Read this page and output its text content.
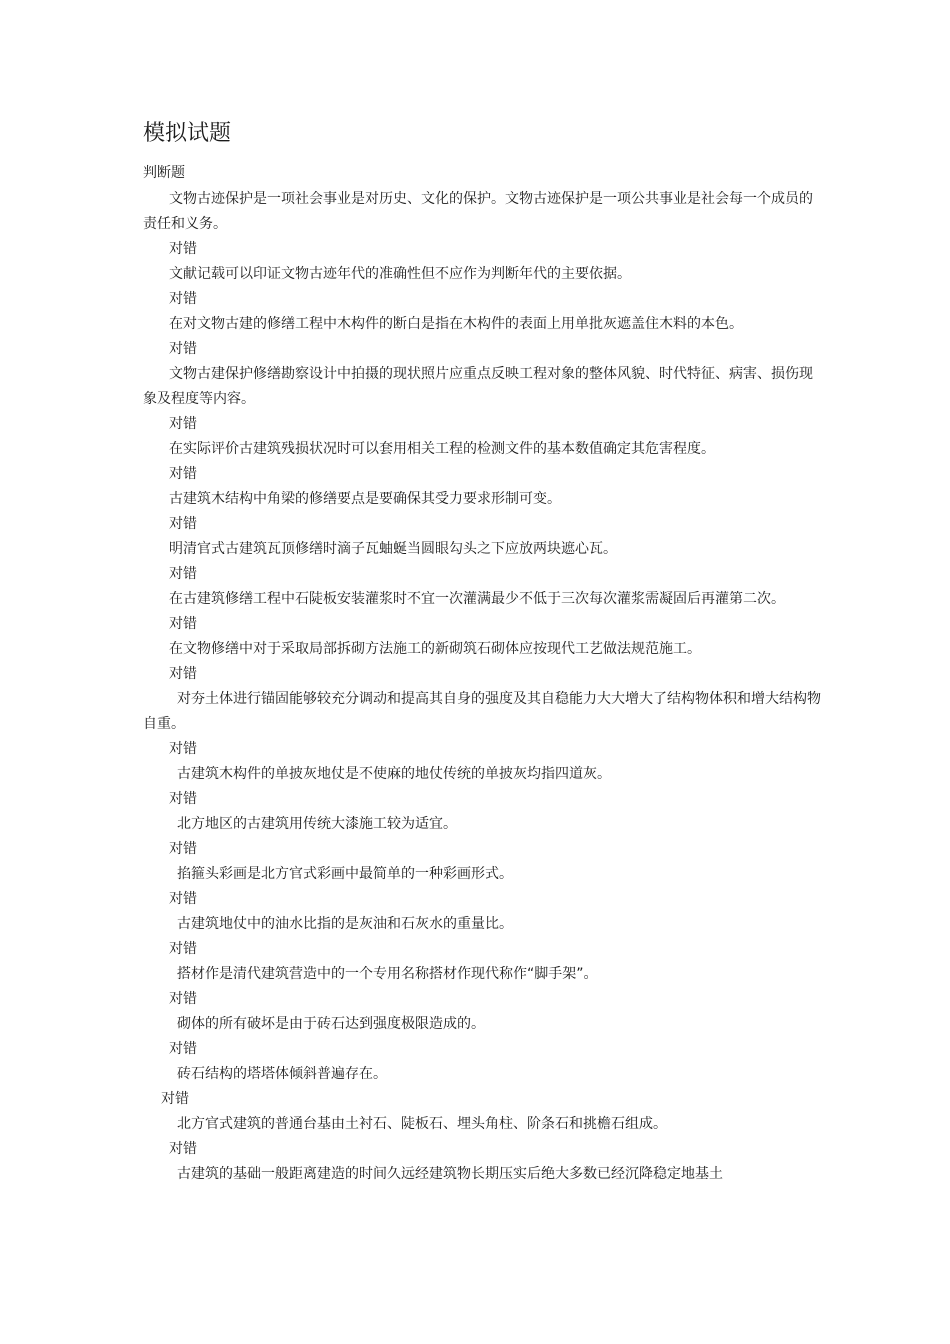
模拟试题
判断题

文物古迹保护是一项社会事业是对历史、文化的保护。文物古迹保护是一项公共事业是社会每一个成员的责任和义务。

对错

文献记载可以印证文物古迹年代的准确性但不应作为判断年代的主要依据。

对错

在对文物古建的修缮工程中木构件的断白是指在木构件的表面上用单批灰遮盖住木料的本色。

对错

文物古建保护修缮勘察设计中拍摄的现状照片应重点反映工程对象的整体风貌、时代特征、病害、损伤现象及程度等内容。

对错

在实际评价古建筑残损状况时可以套用相关工程的检测文件的基本数值确定其危害程度。

对错

古建筑木结构中角梁的修缮要点是要确保其受力要求形制可变。

对错

明清官式古建筑瓦顶修缮时滴子瓦蚰蜒当圆眼勾头之下应放两块遮心瓦。

对错

在古建筑修缮工程中石陡板安装灌浆时不宜一次灌满最少不低于三次每次灌浆需凝固后再灌第二次。

对错

在文物修缮中对于采取局部拆砌方法施工的新砌筑石砌体应按现代工艺做法规范施工。

对错

对夯土体进行锚固能够较充分调动和提高其自身的强度及其自稳能力大大增大了结构物体积和增大结构物自重。

对错

古建筑木构件的单披灰地仗是不使麻的地仗传统的单披灰均指四道灰。

对错

北方地区的古建筑用传统大漆施工较为适宜。

对错

掐箍头彩画是北方官式彩画中最简单的一种彩画形式。

对错

古建筑地仗中的油水比指的是灰油和石灰水的重量比。

对错

搭材作是清代建筑营造中的一个专用名称搭材作现代称作“脚手架”。

对错

砌体的所有破坏是由于砖石达到强度极限造成的。

对错

砖石结构的塔塔体倾斜普遍存在。

对错

北方官式建筑的普通台基由土衬石、陡板石、埋头角柱、阶条石和挑檐石组成。

对错

古建筑的基础一般距离建造的时间久远经建筑物长期压实后绝大多数已经沉降稳定地基土
